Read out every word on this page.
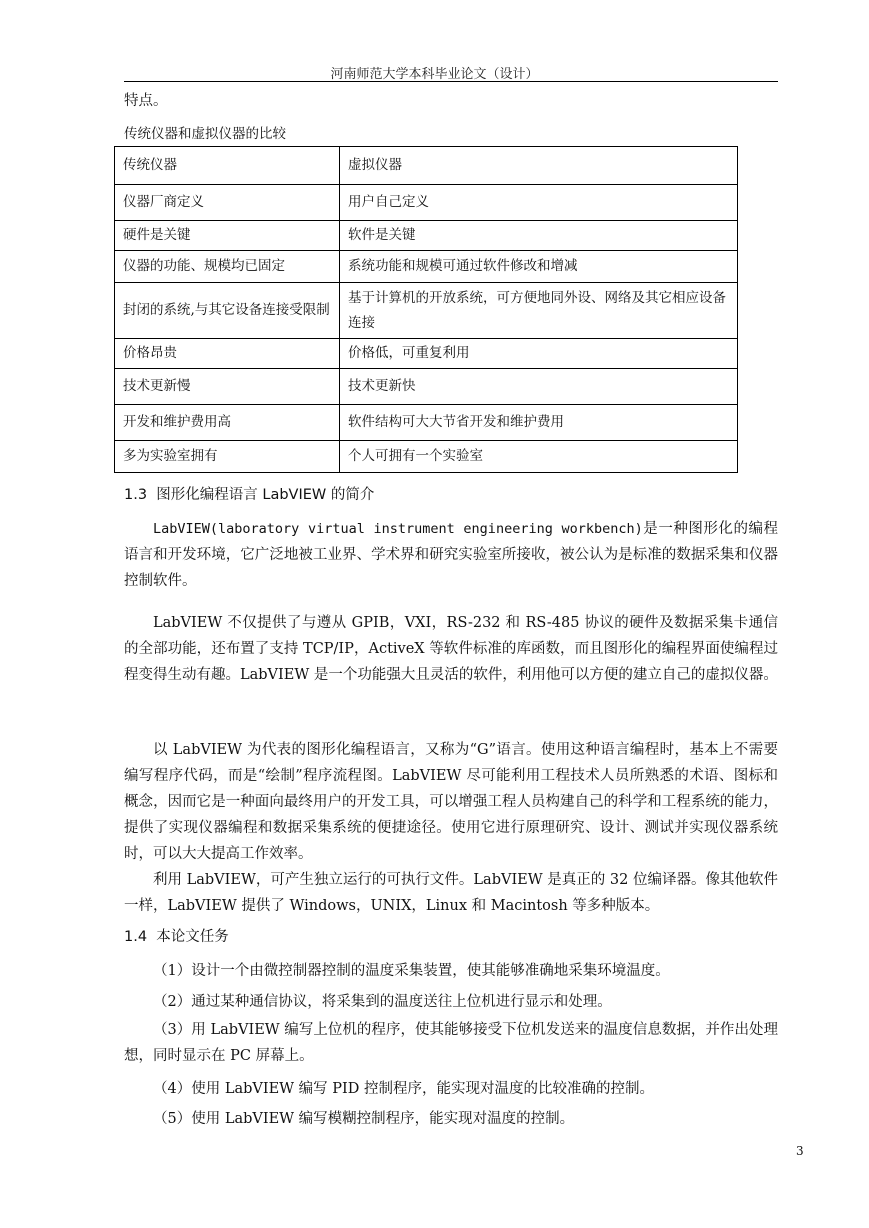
河南师范大学本科毕业论文（设计）
特点。
传统仪器和虚拟仪器的比较
传统仪器	虚拟仪器
仪器厂商定义	用户自己定义
硬件是关键	软件是关键
仪器的功能、规模均已固定	系统功能和规模可通过软件修改和增减
封闭的系统,与其它设备连接受限制	基于计算机的开放系统，可方便地同外设、网络及其它相应设备连接
价格昂贵	价格低，可重复利用
技术更新慢	技术更新快
开发和维护费用高	软件结构可大大节省开发和维护费用
多为实验室拥有	个人可拥有一个实验室
1.3 图形化编程语言 LabVIEW 的简介
LabVIEW(laboratory virtual instrument engineering workbench)是一种图形化的编程语言和开发环境，它广泛地被工业界、学术界和研究实验室所接收，被公认为是标准的数据采集和仪器控制软件。
LabVIEW 不仅提供了与遵从 GPIB，VXI，RS-232 和 RS-485 协议的硬件及数据采集卡通信的全部功能，还布置了支持 TCP/IP，ActiveX 等软件标准的库函数，而且图形化的编程界面使编程过程变得生动有趣。LabVIEW 是一个功能强大且灵活的软件，利用他可以方便的建立自己的虚拟仪器。
以 LabVIEW 为代表的图形化编程语言，又称为“G”语言。使用这种语言编程时，基本上不需要编写程序代码，而是“绘制”程序流程图。LabVIEW 尽可能利用工程技术人员所熟悉的术语、图标和概念，因而它是一种面向最终用户的开发工具，可以增强工程人员构建自己的科学和工程系统的能力，提供了实现仪器编程和数据采集系统的便捷途径。使用它进行原理研究、设计、测试并实现仪器系统时，可以大大提高工作效率。
利用 LabVIEW，可产生独立运行的可执行文件。LabVIEW 是真正的 32 位编译器。像其他软件一样，LabVIEW 提供了 Windows，UNIX，Linux 和 Macintosh 等多种版本。
1.4 本论文任务
（1）设计一个由微控制器控制的温度采集装置，使其能够准确地采集环境温度。
（2）通过某种通信协议，将采集到的温度送往上位机进行显示和处理。
（3）用 LabVIEW 编写上位机的程序，使其能够接受下位机发送来的温度信息数据，并作出处理想，同时显示在 PC 屏幕上。
（4）使用 LabVIEW 编写 PID 控制程序，能实现对温度的比较准确的控制。
（5）使用 LabVIEW 编写模糊控制程序，能实现对温度的控制。
3
